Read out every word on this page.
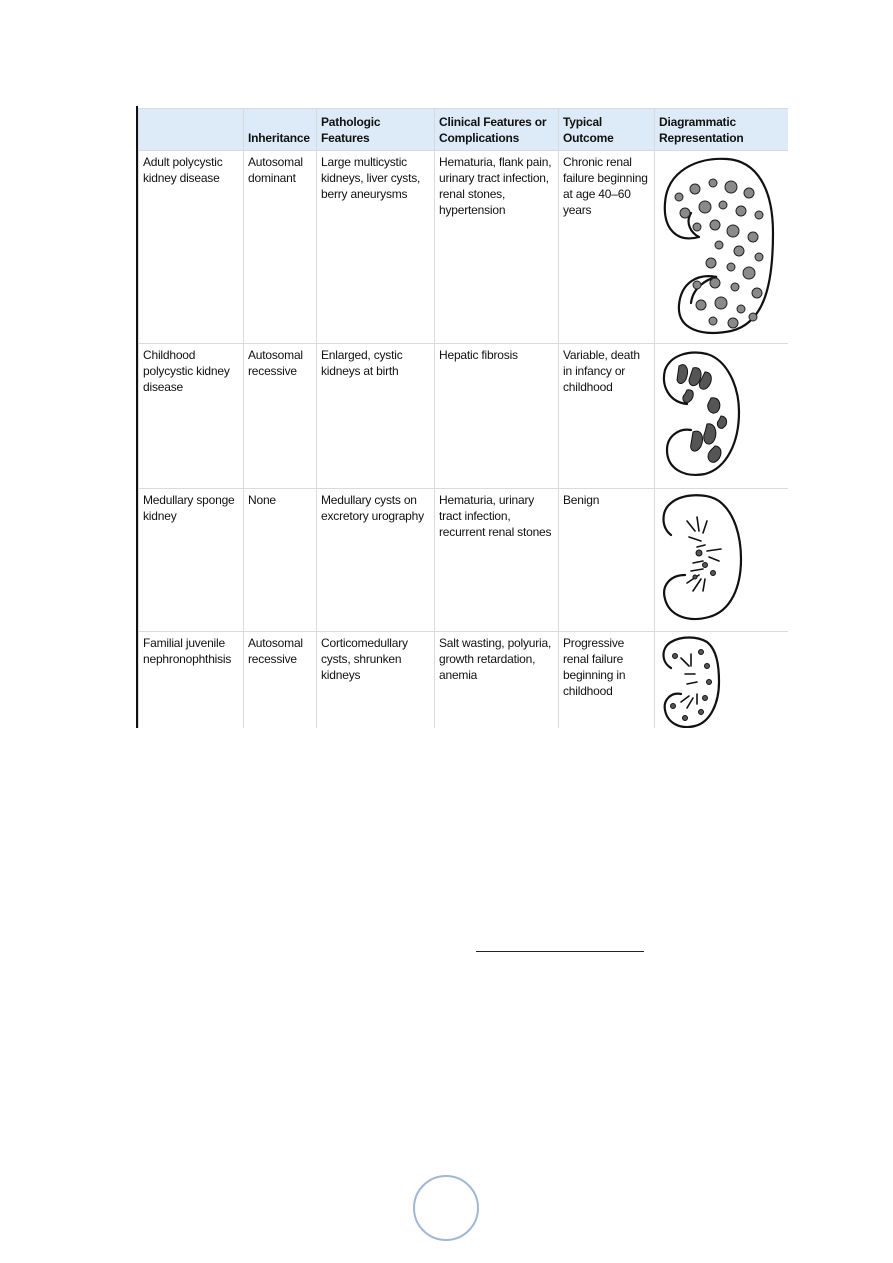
	Inheritance	Pathologic Features	Clinical Features or Complications	Typical Outcome	Diagrammatic Representation
Adult polycystic kidney disease	Autosomal dominant	Large multicystic kidneys, liver cysts, berry aneurysms	Hematuria, flank pain, urinary tract infection, renal stones, hypertension	Chronic renal failure beginning at age 40–60 years	

Childhood polycystic kidney disease	Autosomal recessive	Enlarged, cystic kidneys at birth	Hepatic fibrosis	Variable, death in infancy or childhood	

Medullary sponge kidney	None	Medullary cysts on excretory urography	Hematuria, urinary tract infection, recurrent renal stones	Benign	

Familial juvenile nephronophthisis	Autosomal recessive	Corticomedullary cysts, shrunken kidneys	Salt wasting, polyuria, growth retardation, anemia	Progressive renal failure beginning in childhood	
